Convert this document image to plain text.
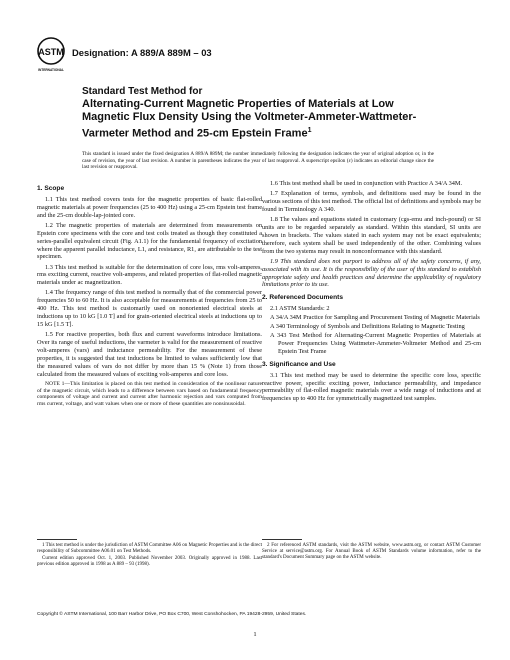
ASTM
INTERNATIONAL
Designation: A 889/A 889M – 03
Standard Test Method for
Alternating-Current Magnetic Properties of Materials at Low Magnetic Flux Density Using the Voltmeter-Ammeter-Wattmeter-Varmeter Method and 25-cm Epstein Frame$^1$
This standard is issued under the fixed designation A 889/A 889M; the number immediately following the designation indicates the year of original adoption or, in the case of revision, the year of last revision. A number in parentheses indicates the year of last reapproval. A superscript epsilon (ε) indicates an editorial change since the last revision or reapproval.
1. Scope

1.1 This test method covers tests for the magnetic properties of basic flat-rolled magnetic materials at power frequencies (25 to 400 Hz) using a 25-cm Epstein test frame and the 25-cm double-lap-jointed core.

1.2 The magnetic properties of materials are determined from measurements on Epstein core specimens with the core and test coils treated as though they constituted a series-parallel equivalent circuit (Fig. A1.1) for the fundamental frequency of excitation where the apparent parallel inductance, L1, and resistance, R1, are attributable to the test specimen.

1.3 This test method is suitable for the determination of core loss, rms volt-amperes, rms exciting current, reactive volt-amperes, and related properties of flat-rolled magnetic materials under ac magnetization.

1.4 The frequency range of this test method is normally that of the commercial power frequencies 50 to 60 Hz. It is also acceptable for measurements at frequencies from 25 to 400 Hz. This test method is customarily used on nonoriented electrical steels at inductions up to 10 kG [1.0 T] and for grain-oriented electrical steels at inductions up to 15 kG [1.5 T].

1.5 For reactive properties, both flux and current waveforms introduce limitations. Over its range of useful inductions, the varmeter is valid for the measurement of reactive volt-amperes (vars) and inductance permeability. For the measurement of these properties, it is suggested that test inductions be limited to values sufficiently low that the measured values of vars do not differ by more than 15 % (Note 1) from those calculated from the measured values of exciting volt-amperes and core loss.

NOTE 1—This limitation is placed on this test method in consideration of the nonlinear nature of the magnetic circuit, which leads to a difference between vars based on fundamental frequency components of voltage and current and current after harmonic rejection and vars computed from rms current, voltage, and watt values when one or more of these quantities are nonsinusoidal.

1.6 This test method shall be used in conjunction with Practice A 34/A 34M.

1.7 Explanation of terms, symbols, and definitions used may be found in the various sections of this test method. The official list of definitions and symbols may be found in Terminology A 340.

1.8 The values and equations stated in customary (cgs-emu and inch-pound) or SI units are to be regarded separately as standard. Within this standard, SI units are shown in brackets. The values stated in each system may not be exact equivalents; therefore, each system shall be used independently of the other. Combining values from the two systems may result in nonconformance with this standard.

1.9 This standard does not purport to address all of the safety concerns, if any, associated with its use. It is the responsibility of the user of this standard to establish appropriate safety and health practices and determine the applicability of regulatory limitations prior to its use.

2. Referenced Documents

2.1 ASTM Standards: 2

A 34/A 34M Practice for Sampling and Procurement Testing of Magnetic Materials

A 340 Terminology of Symbols and Definitions Relating to Magnetic Testing

A 343 Test Method for Alternating-Current Magnetic Properties of Materials at Power Frequencies Using Wattmeter-Ammeter-Voltmeter Method and 25-cm Epstein Test Frame

3. Significance and Use

3.1 This test method may be used to determine the specific core loss, specific reactive power, specific exciting power, inductance permeability, and impedance permeability of flat-rolled magnetic materials over a wide range of inductions and at frequencies up to 400 Hz for symmetrically magnetized test samples.

1 This test method is under the jurisdiction of ASTM Committee A06 on Magnetic Properties and is the direct responsibility of Subcommittee A06.01 on Test Methods.

Current edition approved Oct. 1, 2003. Published November 2003. Originally approved in 1988. Last previous edition approved in 1998 as A 889 – 93 (1998).

2 For referenced ASTM standards, visit the ASTM website, www.astm.org, or contact ASTM Customer Service at service@astm.org. For Annual Book of ASTM Standards volume information, refer to the standard's Document Summary page on the ASTM website.

Copyright © ASTM International, 100 Barr Harbor Drive, PO Box C700, West Conshohocken, PA 19428-2959, United States.
1
